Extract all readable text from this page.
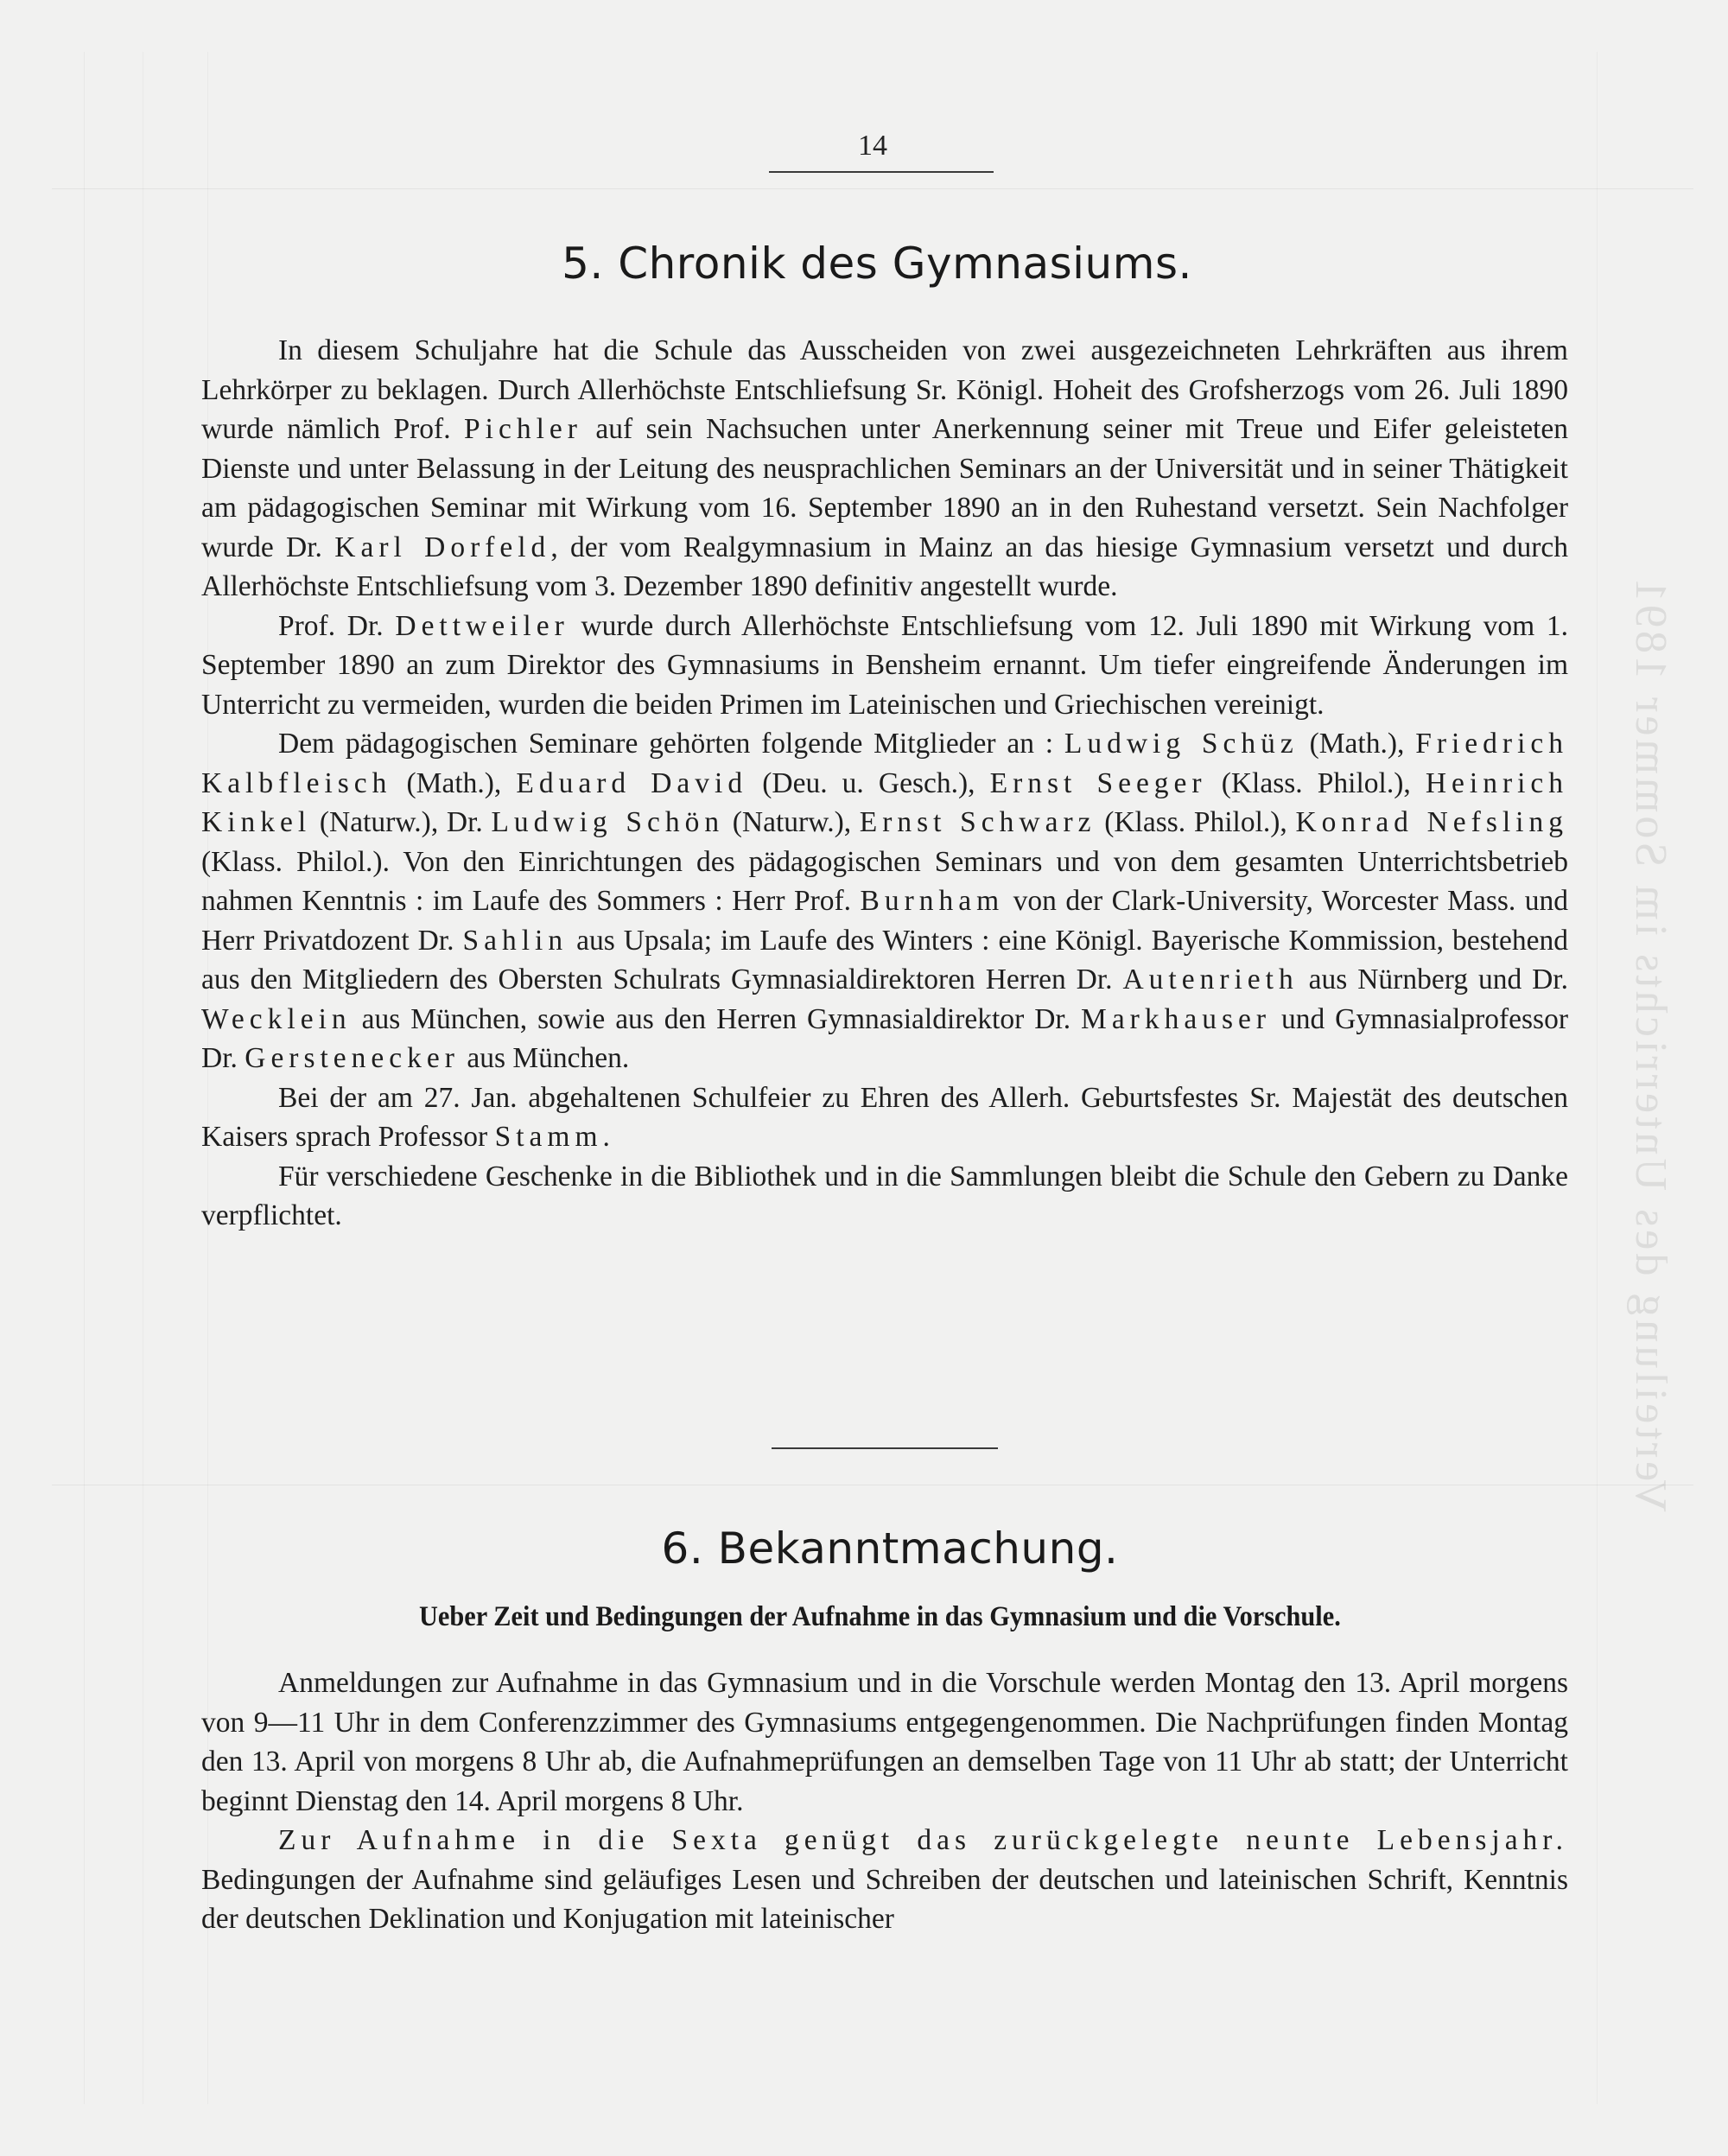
Verteilung des Unterrichts im Sommer 1891
14
5. Chronik des Gymnasiums.

In diesem Schuljahre hat die Schule das Ausscheiden von zwei ausgezeichneten Lehrkräften aus ihrem Lehrkörper zu beklagen. Durch Allerhöchste Entschliefsung Sr. Königl. Hoheit des Grofsherzogs vom 26. Juli 1890 wurde nämlich Prof. Pichler auf sein Nachsuchen unter Anerkennung seiner mit Treue und Eifer geleisteten Dienste und unter Belassung in der Leitung des neusprachlichen Seminars an der Universität und in seiner Thätigkeit am pädagogischen Seminar mit Wirkung vom 16. September 1890 an in den Ruhestand versetzt. Sein Nachfolger wurde Dr. Karl Dorfeld, der vom Realgymnasium in Mainz an das hiesige Gymnasium versetzt und durch Allerhöchste Entschliefsung vom 3. Dezember 1890 definitiv angestellt wurde.

Prof. Dr. Dettweiler wurde durch Allerhöchste Entschliefsung vom 12. Juli 1890 mit Wirkung vom 1. September 1890 an zum Direktor des Gymnasiums in Bensheim ernannt. Um tiefer eingreifende Änderungen im Unterricht zu vermeiden, wurden die beiden Primen im Lateinischen und Griechischen vereinigt.

Dem pädagogischen Seminare gehörten folgende Mitglieder an : Ludwig Schüz (Math.), Friedrich Kalbfleisch (Math.), Eduard David (Deu. u. Gesch.), Ernst Seeger (Klass. Philol.), Heinrich Kinkel (Naturw.), Dr. Ludwig Schön (Naturw.), Ernst Schwarz (Klass. Philol.), Konrad Nefsling (Klass. Philol.). Von den Einrichtungen des pädagogischen Seminars und von dem gesamten Unterrichtsbetrieb nahmen Kenntnis : im Laufe des Sommers : Herr Prof. Burnham von der Clark-University, Worcester Mass. und Herr Privatdozent Dr. Sahlin aus Upsala; im Laufe des Winters : eine Königl. Bayerische Kommission, bestehend aus den Mitgliedern des Obersten Schulrats Gymnasialdirektoren Herren Dr. Autenrieth aus Nürnberg und Dr. Wecklein aus München, sowie aus den Herren Gymnasialdirektor Dr. Markhauser und Gymnasialprofessor Dr. Gerstenecker aus München.

Bei der am 27. Jan. abgehaltenen Schulfeier zu Ehren des Allerh. Geburtsfestes Sr. Majestät des deutschen Kaisers sprach Professor Stamm.

Für verschiedene Geschenke in die Bibliothek und in die Sammlungen bleibt die Schule den Gebern zu Danke verpflichtet.

6. Bekanntmachung.
Ueber Zeit und Bedingungen der Aufnahme in das Gymnasium und die Vorschule.

Anmeldungen zur Aufnahme in das Gymnasium und in die Vorschule werden Montag den 13. April morgens von 9—11 Uhr in dem Conferenzzimmer des Gymnasiums entgegengenommen. Die Nachprüfungen finden Montag den 13. April von morgens 8 Uhr ab, die Aufnahmeprüfungen an demselben Tage von 11 Uhr ab statt; der Unterricht beginnt Dienstag den 14. April morgens 8 Uhr.

Zur Aufnahme in die Sexta genügt das zurückgelegte neunte Lebensjahr. Bedingungen der Aufnahme sind geläufiges Lesen und Schreiben der deutschen und lateinischen Schrift, Kenntnis der deutschen Deklination und Konjugation mit lateinischer
